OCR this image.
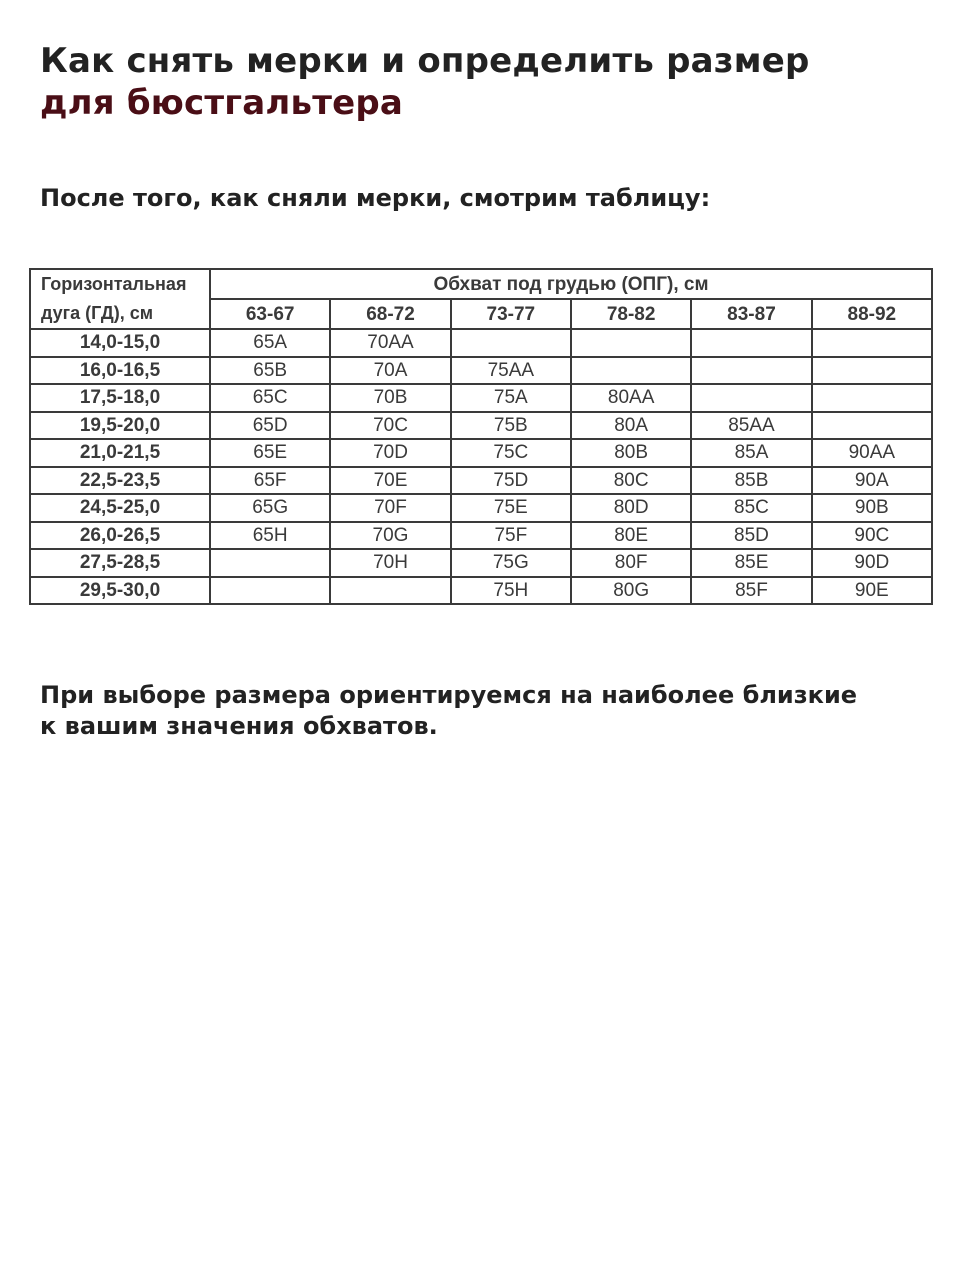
Как снять мерки и определить размер
для бюстгальтера

После того, как сняли мерки, смотрим таблицу:

Горизонтальная
дуга (ГД), см	Обхват под грудью (ОПГ), см					
	63-67	68-72	73-77	78-82	83-87	88-92
14,0-15,0	65A	70AA				
16,0-16,5	65B	70A	75AA			
17,5-18,0	65C	70B	75A	80AA		
19,5-20,0	65D	70C	75B	80A	85AA	
21,0-21,5	65E	70D	75C	80B	85A	90AA
22,5-23,5	65F	70E	75D	80C	85B	90A
24,5-25,0	65G	70F	75E	80D	85C	90B
26,0-26,5	65H	70G	75F	80E	85D	90C
27,5-28,5		70H	75G	80F	85E	90D
29,5-30,0			75H	80G	85F	90E

При выборе размера ориентируемся на наиболее близкие
к вашим значения обхватов.
